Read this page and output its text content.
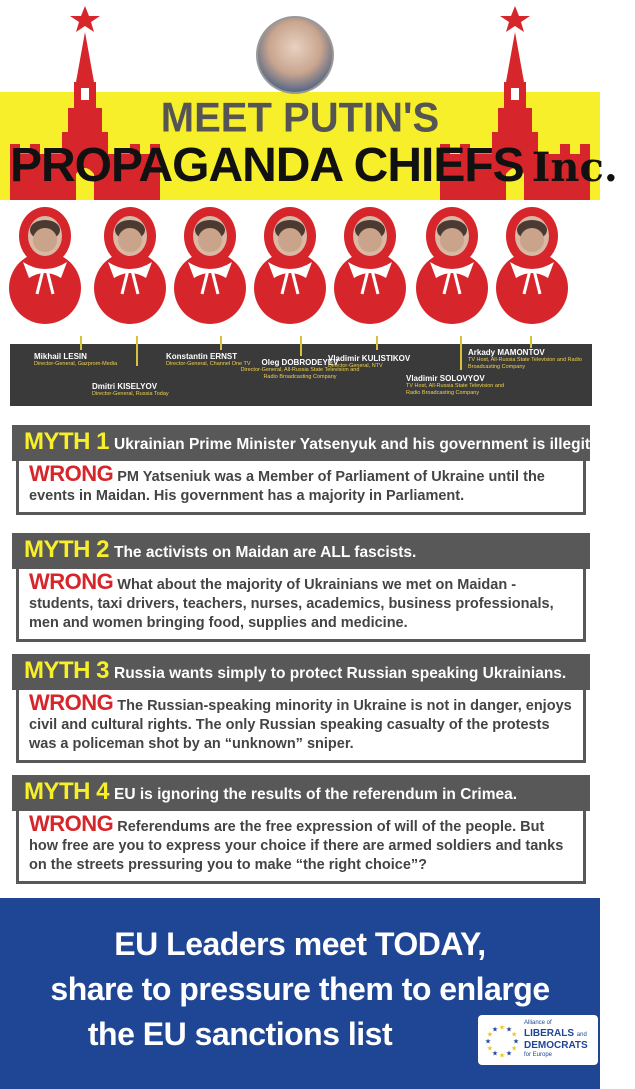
MEET PUTIN'S
PROPAGANDA CHIEFS Inc.
Mikhail LESIN
Director-General, Gazprom-Media
Dmitri KISELYOV
Director-General, Russia Today
Konstantin ERNST
Director-General, Channel One TV	Oleg DOBRODEYEV
Director-General, All-Russia State Television and Radio Broadcasting Company
Vladimir KULISTIKOV
Director-General, NTV
Vladimir SOLOVYOV
TV Host, All-Russia State Television and Radio Broadcasting Company
Arkady MAMONTOV
TV Host, All-Russia State Television and Radio Broadcasting Company
MYTH 1 Ukrainian Prime Minister Yatsenyuk and his government is illegitimate.
WRONG PM Yatseniuk was a Member of Parliament of Ukraine until the events in Maidan. His government has a majority in Parliament.
MYTH 2 The activists on Maidan are ALL fascists.
WRONG What about the majority of Ukrainians we met on Maidan - students, taxi drivers, teachers, nurses, academics, business professionals, men and women bringing food, supplies and medicine.
MYTH 3 Russia wants simply to protect Russian speaking Ukrainians.
WRONG The Russian-speaking minority in Ukraine is not in danger, enjoys civil and cultural rights. The only Russian speaking casualty of the protests was a policeman shot by an “unknown” sniper.
MYTH 4 EU is ignoring the results of the referendum in Crimea.
WRONG Referendums are the free expression of will of the people. But how free are you to express your choice if there are armed soldiers and tanks on the streets pressuring you to make “the right choice”?
EU Leaders meet TODAY,
share to pressure them to enlarge
the EU sanctions list	★
★
★
★
★
★
★
★
★ ★ ★
★
Alliance of
LIBERALS and
DEMOCRATS
for Europe
